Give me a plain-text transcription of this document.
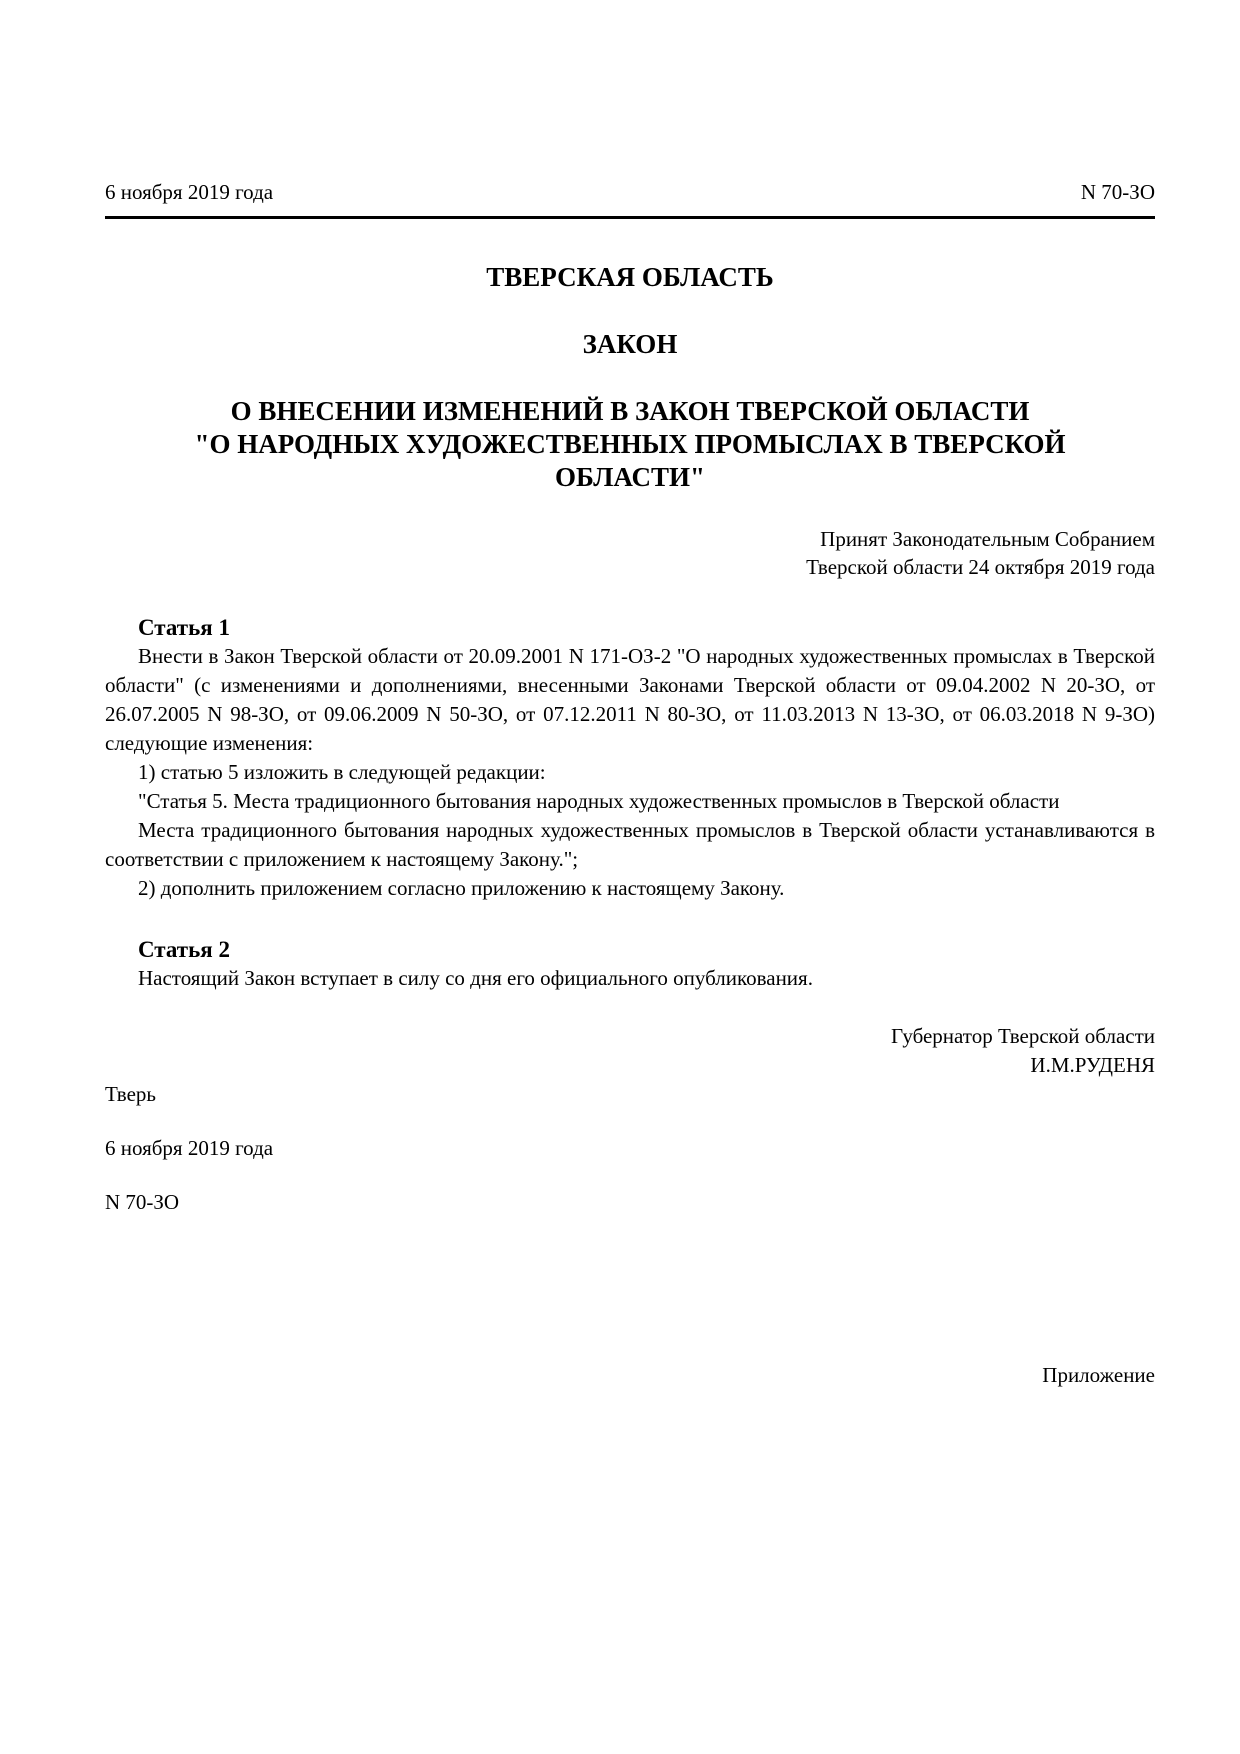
6 ноября 2019 года	N 70-ЗО
ТВЕРСКАЯ ОБЛАСТЬ
ЗАКОН
О ВНЕСЕНИИ ИЗМЕНЕНИЙ В ЗАКОН ТВЕРСКОЙ ОБЛАСТИ
"О НАРОДНЫХ ХУДОЖЕСТВЕННЫХ ПРОМЫСЛАХ В ТВЕРСКОЙ
ОБЛАСТИ"
Принят Законодательным Собранием
Тверской области 24 октября 2019 года
Статья 1

Внести в Закон Тверской области от 20.09.2001 N 171-ОЗ-2 "О народных художественных промыслах в Тверской области" (с изменениями и дополнениями, внесенными Законами Тверской области от 09.04.2002 N 20-ЗО, от 26.07.2005 N 98-ЗО, от 09.06.2009 N 50-ЗО, от 07.12.2011 N 80-ЗО, от 11.03.2013 N 13-ЗО, от 06.03.2018 N 9-ЗО) следующие изменения:

1) статью 5 изложить в следующей редакции:

"Статья 5. Места традиционного бытования народных художественных промыслов в Тверской области

Места традиционного бытования народных художественных промыслов в Тверской области устанавливаются в соответствии с приложением к настоящему Закону.";

2) дополнить приложением согласно приложению к настоящему Закону.

Статья 2

Настоящий Закон вступает в силу со дня его официального опубликования.

Губернатор Тверской области
И.М.РУДЕНЯ
Тверь
6 ноября 2019 года
N 70-ЗО
Приложение
